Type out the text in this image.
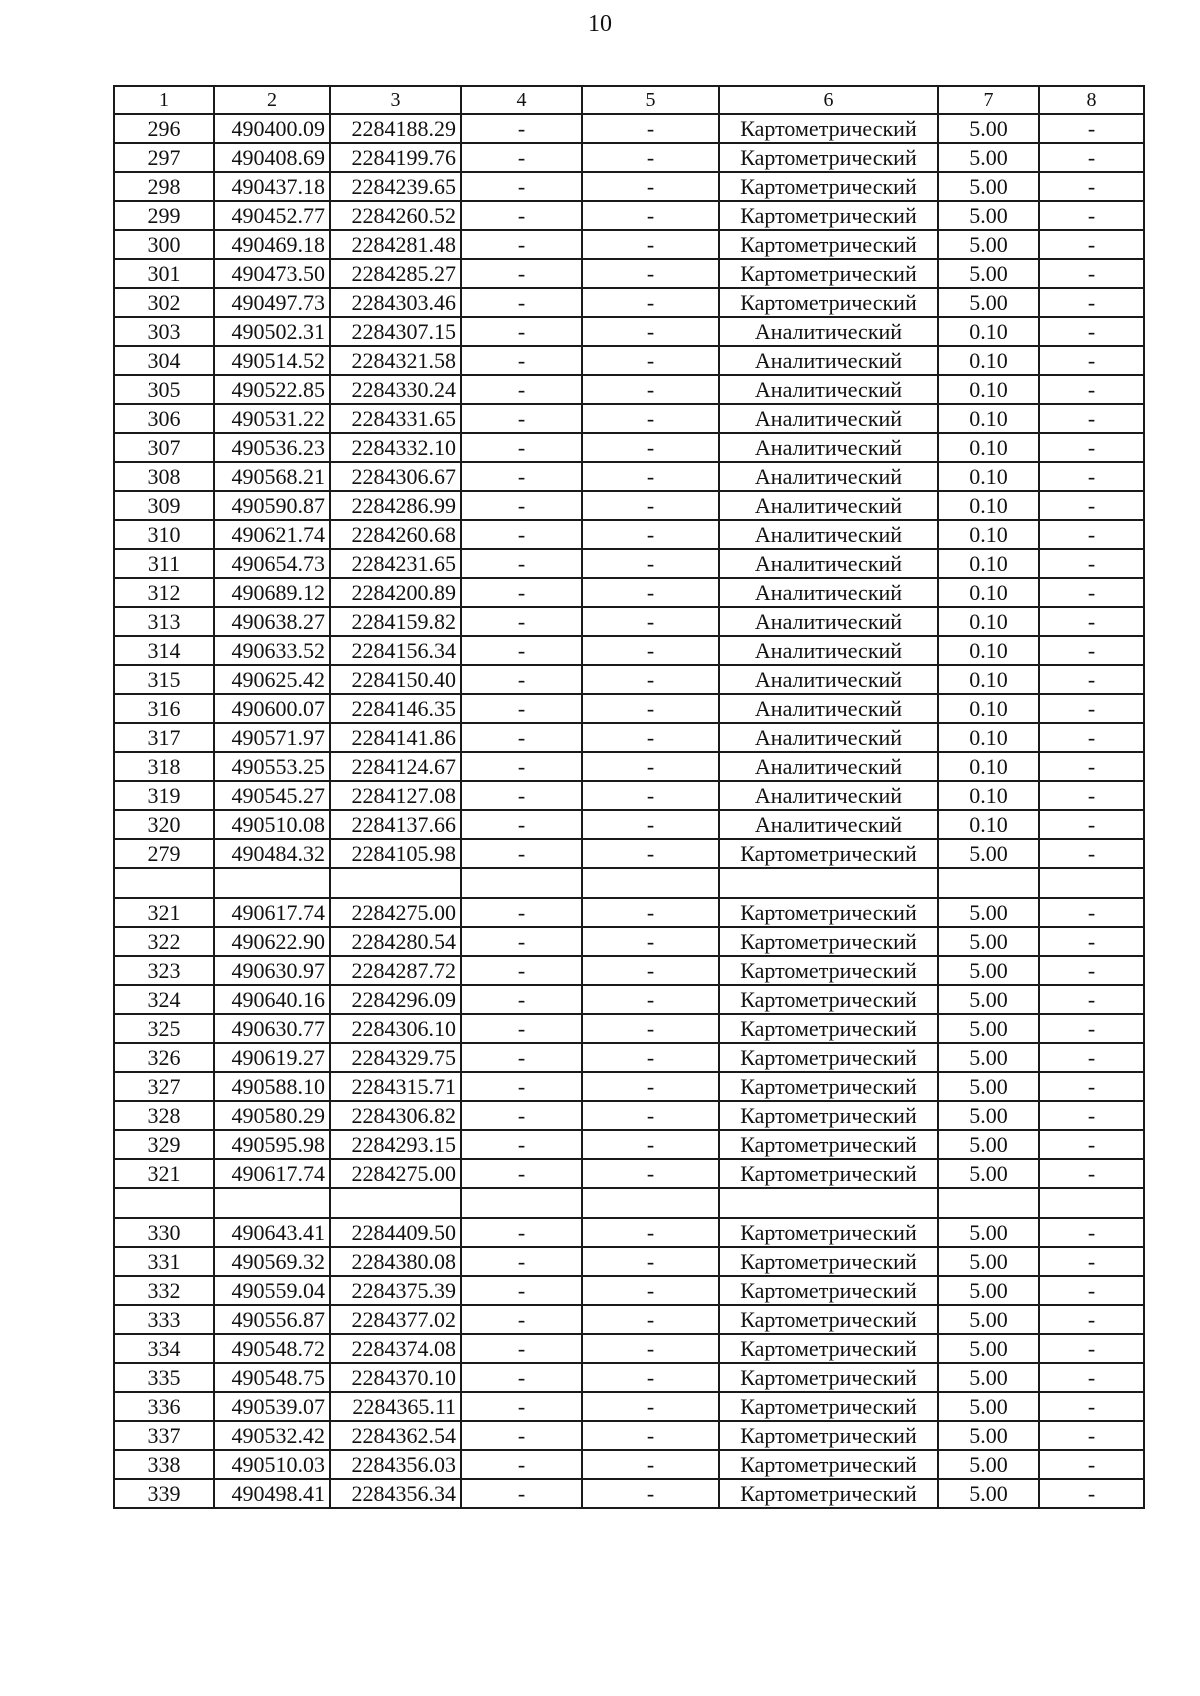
10
1	2	3	4	5	6	7	8
296	490400.09	2284188.29	-	-	Картометрический	5.00	-
297	490408.69	2284199.76	-	-	Картометрический	5.00	-
298	490437.18	2284239.65	-	-	Картометрический	5.00	-
299	490452.77	2284260.52	-	-	Картометрический	5.00	-
300	490469.18	2284281.48	-	-	Картометрический	5.00	-
301	490473.50	2284285.27	-	-	Картометрический	5.00	-
302	490497.73	2284303.46	-	-	Картометрический	5.00	-
303	490502.31	2284307.15	-	-	Аналитический	0.10	-
304	490514.52	2284321.58	-	-	Аналитический	0.10	-
305	490522.85	2284330.24	-	-	Аналитический	0.10	-
306	490531.22	2284331.65	-	-	Аналитический	0.10	-
307	490536.23	2284332.10	-	-	Аналитический	0.10	-
308	490568.21	2284306.67	-	-	Аналитический	0.10	-
309	490590.87	2284286.99	-	-	Аналитический	0.10	-
310	490621.74	2284260.68	-	-	Аналитический	0.10	-
311	490654.73	2284231.65	-	-	Аналитический	0.10	-
312	490689.12	2284200.89	-	-	Аналитический	0.10	-
313	490638.27	2284159.82	-	-	Аналитический	0.10	-
314	490633.52	2284156.34	-	-	Аналитический	0.10	-
315	490625.42	2284150.40	-	-	Аналитический	0.10	-
316	490600.07	2284146.35	-	-	Аналитический	0.10	-
317	490571.97	2284141.86	-	-	Аналитический	0.10	-
318	490553.25	2284124.67	-	-	Аналитический	0.10	-
319	490545.27	2284127.08	-	-	Аналитический	0.10	-
320	490510.08	2284137.66	-	-	Аналитический	0.10	-
279	490484.32	2284105.98	-	-	Картометрический	5.00	-

321	490617.74	2284275.00	-	-	Картометрический	5.00	-
322	490622.90	2284280.54	-	-	Картометрический	5.00	-
323	490630.97	2284287.72	-	-	Картометрический	5.00	-
324	490640.16	2284296.09	-	-	Картометрический	5.00	-
325	490630.77	2284306.10	-	-	Картометрический	5.00	-
326	490619.27	2284329.75	-	-	Картометрический	5.00	-
327	490588.10	2284315.71	-	-	Картометрический	5.00	-
328	490580.29	2284306.82	-	-	Картометрический	5.00	-
329	490595.98	2284293.15	-	-	Картометрический	5.00	-
321	490617.74	2284275.00	-	-	Картометрический	5.00	-

330	490643.41	2284409.50	-	-	Картометрический	5.00	-
331	490569.32	2284380.08	-	-	Картометрический	5.00	-
332	490559.04	2284375.39	-	-	Картометрический	5.00	-
333	490556.87	2284377.02	-	-	Картометрический	5.00	-
334	490548.72	2284374.08	-	-	Картометрический	5.00	-
335	490548.75	2284370.10	-	-	Картометрический	5.00	-
336	490539.07	2284365.11	-	-	Картометрический	5.00	-
337	490532.42	2284362.54	-	-	Картометрический	5.00	-
338	490510.03	2284356.03	-	-	Картометрический	5.00	-
339	490498.41	2284356.34	-	-	Картометрический	5.00	-
